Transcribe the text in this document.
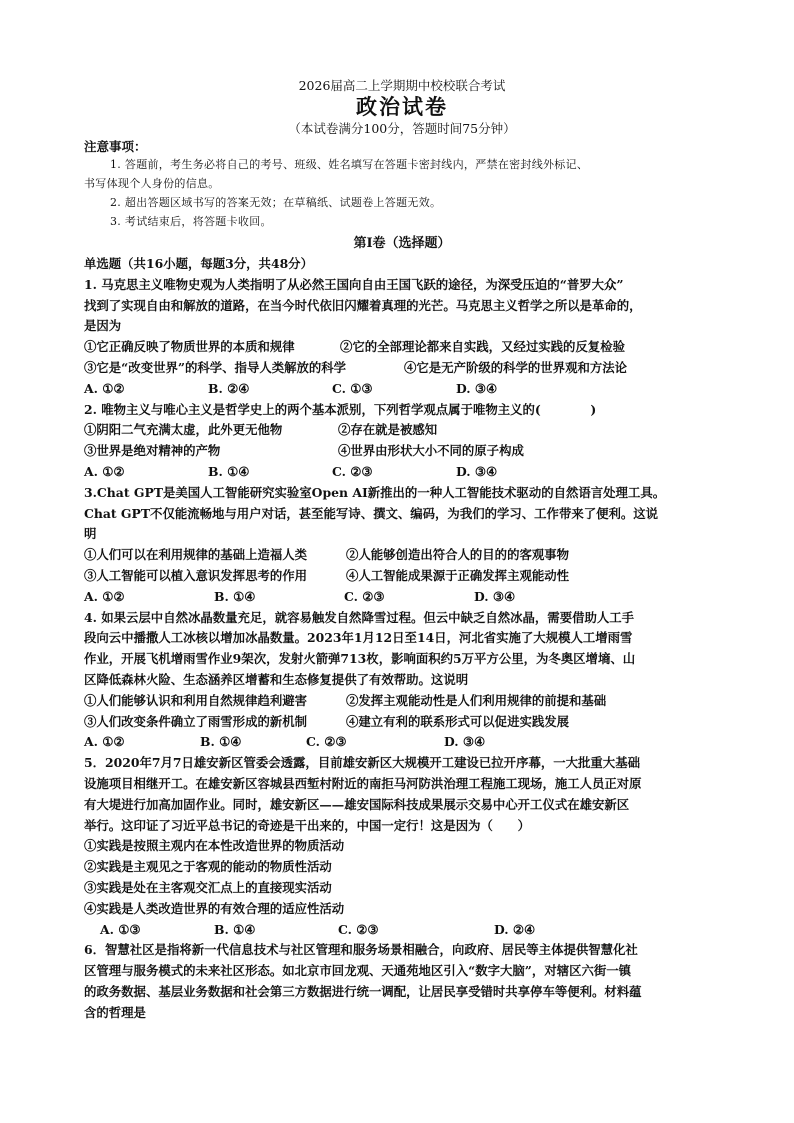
2026届高二上学期期中校校联合考试
政治试卷
（本试卷满分100分，答题时间75分钟）
注意事项：

1. 答题前，考生务必将自己的考号、班级、姓名填写在答题卡密封线内，严禁在密封线外标记、

书写体现个人身份的信息。

2. 超出答题区域书写的答案无效；在草稿纸、试题卷上答题无效。

3. 考试结束后，将答题卡收回。

第Ⅰ卷（选择题）

单选题（共16小题，每题3分，共48分）

1. 马克思主义唯物史观为人类指明了从必然王国向自由王国飞跃的途径，为深受压迫的“普罗大众”

找到了实现自由和解放的道路，在当今时代依旧闪耀着真理的光芒。马克思主义哲学之所以是革命的，

是因为

①它正确反映了物质世界的本质和规律	②它的全部理论都来自实践，又经过实践的反复检验
③它是“改变世界”的科学、指导人类解放的科学	④它是无产阶级的科学的世界观和方法论
A. ①②	B. ②④	C. ①③	D. ③④

2. 唯物主义与唯心主义是哲学史上的两个基本派别，下列哲学观点属于唯物主义的(　　　　)

①阴阳二气充满太虚，此外更无他物	②存在就是被感知
③世界是绝对精神的产物	④世界由形状大小不同的原子构成
A. ①②	B. ①④	C. ②③	D. ③④

3.Chat GPT是美国人工智能研究实验室Open AI新推出的一种人工智能技术驱动的自然语言处理工具。

Chat GPT不仅能流畅地与用户对话，甚至能写诗、撰文、编码，为我们的学习、工作带来了便利。这说

明

①人们可以在利用规律的基础上造福人类	②人能够创造出符合人的目的的客观事物
③人工智能可以植入意识发挥思考的作用	④人工智能成果源于正确发挥主观能动性
A. ①②	B. ①④	C. ②③	D. ③④

4. 如果云层中自然冰晶数量充足，就容易触发自然降雪过程。但云中缺乏自然冰晶，需要借助人工手

段向云中播撒人工冰核以增加冰晶数量。2023年1月12日至14日，河北省实施了大规模人工增雨雪

作业，开展飞机增雨雪作业9架次，发射火箭弹713枚，影响面积约5万平方公里，为冬奥区增墒、山

区降低森林火险、生态涵养区增蓄和生态修复提供了有效帮助。这说明

①人们能够认识和利用自然规律趋利避害	②发挥主观能动性是人们利用规律的前提和基础
③人们改变条件确立了雨雪形成的新机制	④建立有利的联系形式可以促进实践发展
A. ①②	B. ①④	C. ②③	D. ③④

5．2020年7月7日雄安新区管委会透露，目前雄安新区大规模开工建设已拉开序幕，一大批重大基础

设施项目相继开工。在雄安新区容城县西堑村附近的南拒马河防洪治理工程施工现场，施工人员正对原

有大堤进行加高加固作业。同时，雄安新区——雄安国际科技成果展示交易中心开工仪式在雄安新区

举行。这印证了习近平总书记的奇迹是干出来的，中国一定行！这是因为（　　）

①实践是按照主观内在本性改造世界的物质活动

②实践是主观见之于客观的能动的物质性活动

③实践是处在主客观交汇点上的直接现实活动

④实践是人类改造世界的有效合理的适应性活动

A. ①③	B. ①④	C. ②③	D. ②④

6．智慧社区是指将新一代信息技术与社区管理和服务场景相融合，向政府、居民等主体提供智慧化社

区管理与服务模式的未来社区形态。如北京市回龙观、天通苑地区引入“数字大脑”，对辖区六街一镇

的政务数据、基层业务数据和社会第三方数据进行统一调配，让居民享受错时共享停车等便利。材料蕴

含的哲理是
